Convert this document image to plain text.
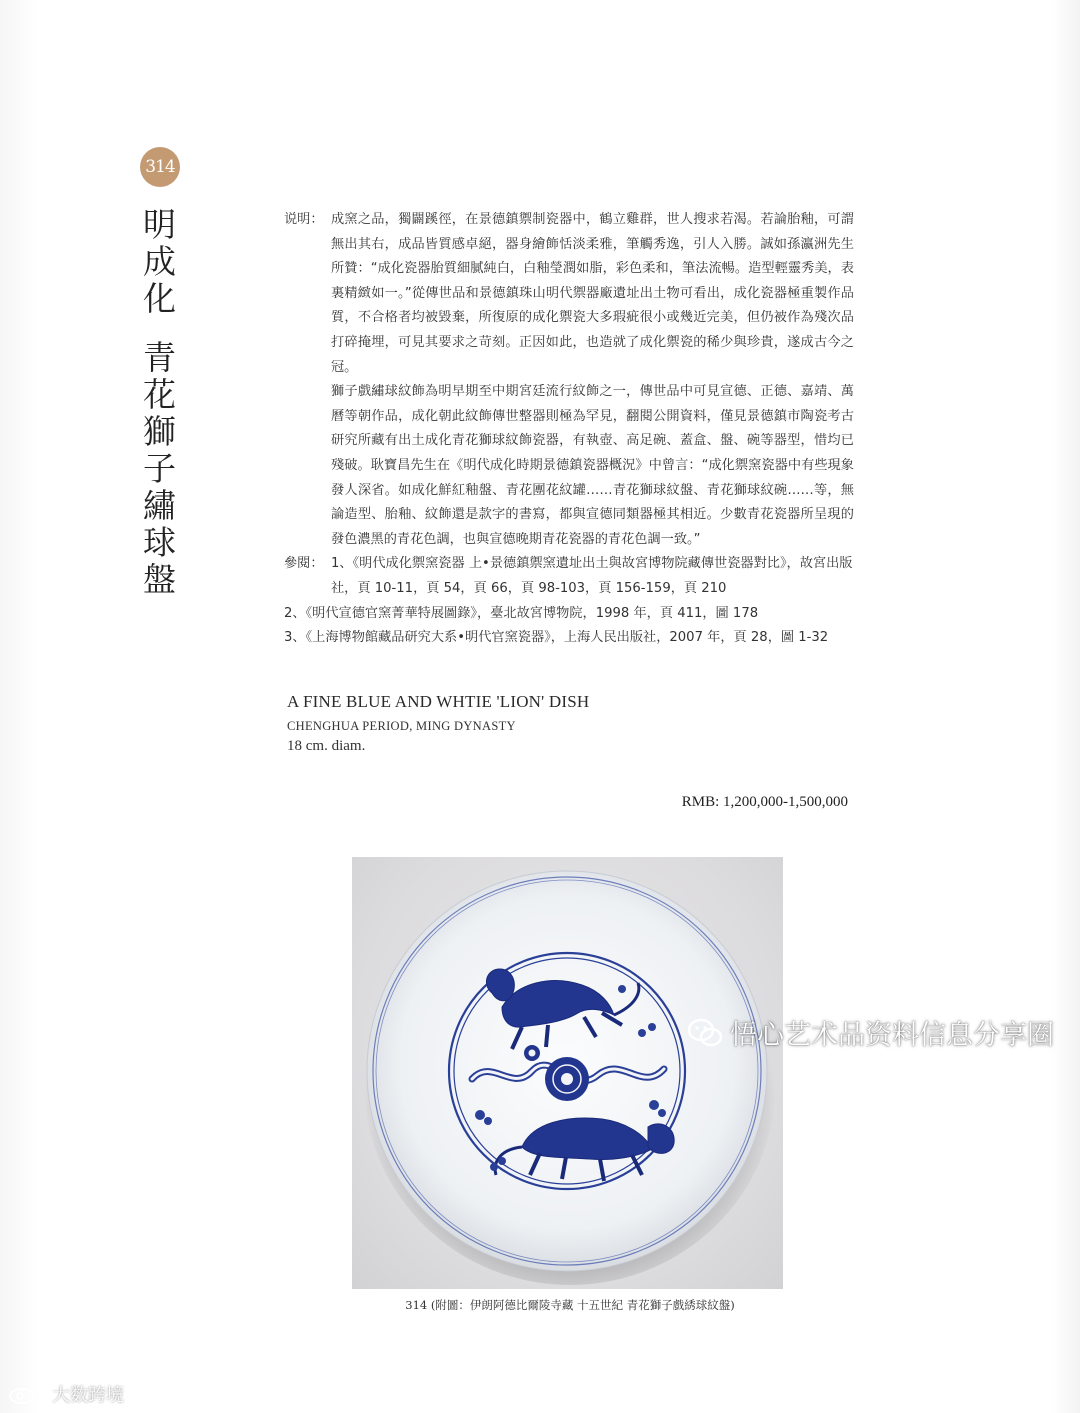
314
明成化
青花獅子繡球盤

说明： 成窯之品，獨闢蹊徑，在景德鎮禦制瓷器中，鶴立雞群，世人搜求若渴。若論胎釉，可謂無出其右，成品皆質感卓絕，器身繪飾恬淡柔雅，筆觸秀逸，引人入勝。誠如孫瀛洲先生所贊：“成化瓷器胎質細膩純白，白釉瑩潤如脂，彩色柔和，筆法流暢。造型輕靈秀美，表裏精緻如一。”從傳世品和景德鎮珠山明代禦器廠遺址出土物可看出，成化瓷器極重製作品質，不合格者均被毀棄，所復原的成化禦瓷大多瑕疵很小或幾近完美，但仍被作為殘次品打碎掩埋，可見其要求之苛刻。正因如此，也造就了成化禦瓷的稀少與珍貴，遂成古今之冠。

獅子戲繡球紋飾為明早期至中期宮廷流行紋飾之一，傳世品中可見宣德、正德、嘉靖、萬曆等朝作品，成化朝此紋飾傳世整器則極為罕見，翻閱公開資料，僅見景德鎮市陶瓷考古研究所藏有出土成化青花獅球紋飾瓷器，有執壺、高足碗、蓋盒、盤、碗等器型，惜均已殘破。耿寶昌先生在《明代成化時期景德鎮瓷器概況》中曾言：“成化禦窯瓷器中有些現象發人深省。如成化鮮紅釉盤、青花團花紋罐……青花獅球紋盤、青花獅球紋碗……等，無論造型、胎釉、紋飾還是款字的書寫，都與宣德同類器極其相近。少數青花瓷器所呈現的發色濃黑的青花色調，也與宣德晚期青花瓷器的青花色調一致。”

參閱： 1、《明代成化禦窯瓷器 上•景德鎮禦窯遺址出土與故宮博物院藏傳世瓷器對比》，故宮出版社，頁 10-11，頁 54，頁 66，頁 98-103，頁 156-159，頁 210
2、《明代宣德官窯菁華特展圖錄》，臺北故宮博物院，1998 年，頁 411，圖 178
3、《上海博物館藏品研究大系•明代官窯瓷器》，上海人民出版社，2007 年，頁 28，圖 1-32
A FINE BLUE AND WHTIE 'LION' DISH
CHENGHUA PERIOD, MING DYNASTY
18 cm. diam.
RMB: 1,200,000-1,500,000
314 (附圖：伊朗阿德比爾陵寺藏 十五世紀 青花獅子戲綉球紋盤)
悟心艺术品资料信息分享圈
大数跨境
